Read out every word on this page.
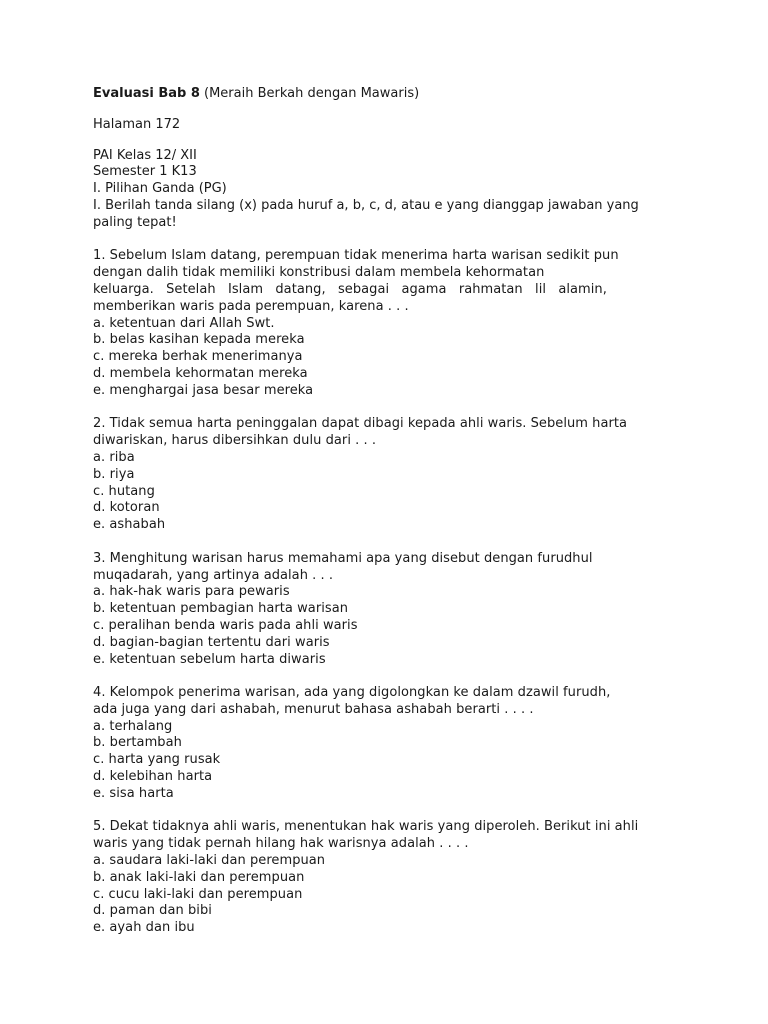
Evaluasi Bab 8 (Meraih Berkah dengan Mawaris)
Halaman 172
PAI Kelas 12/ XII
Semester 1 K13
I. Pilihan Ganda (PG)
I. Berilah tanda silang (x) pada huruf a, b, c, d, atau e yang dianggap jawaban yang
paling tepat!
1. Sebelum Islam datang, perempuan tidak menerima harta warisan sedikit pun
dengan dalih tidak memiliki konstribusi dalam membela kehormatan
keluarga. Setelah Islam datang, sebagai agama rahmatan lil alamin,
memberikan waris pada perempuan, karena . . .
a. ketentuan dari Allah Swt.
b. belas kasihan kepada mereka
c. mereka berhak menerimanya
d. membela kehormatan mereka
e. menghargai jasa besar mereka
2. Tidak semua harta peninggalan dapat dibagi kepada ahli waris. Sebelum harta
diwariskan, harus dibersihkan dulu dari . . .
a. riba
b. riya
c. hutang
d. kotoran
e. ashabah
3. Menghitung warisan harus memahami apa yang disebut dengan furudhul
muqadarah, yang artinya adalah . . .
a. hak-hak waris para pewaris
b. ketentuan pembagian harta warisan
c. peralihan benda waris pada ahli waris
d. bagian-bagian tertentu dari waris
e. ketentuan sebelum harta diwaris
4. Kelompok penerima warisan, ada yang digolongkan ke dalam dzawil furudh,
ada juga yang dari ashabah, menurut bahasa ashabah berarti . . . .
a. terhalang
b. bertambah
c. harta yang rusak
d. kelebihan harta
e. sisa harta
5. Dekat tidaknya ahli waris, menentukan hak waris yang diperoleh. Berikut ini ahli
waris yang tidak pernah hilang hak warisnya adalah . . . .
a. saudara laki-laki dan perempuan
b. anak laki-laki dan perempuan
c. cucu laki-laki dan perempuan
d. paman dan bibi
e. ayah dan ibu
